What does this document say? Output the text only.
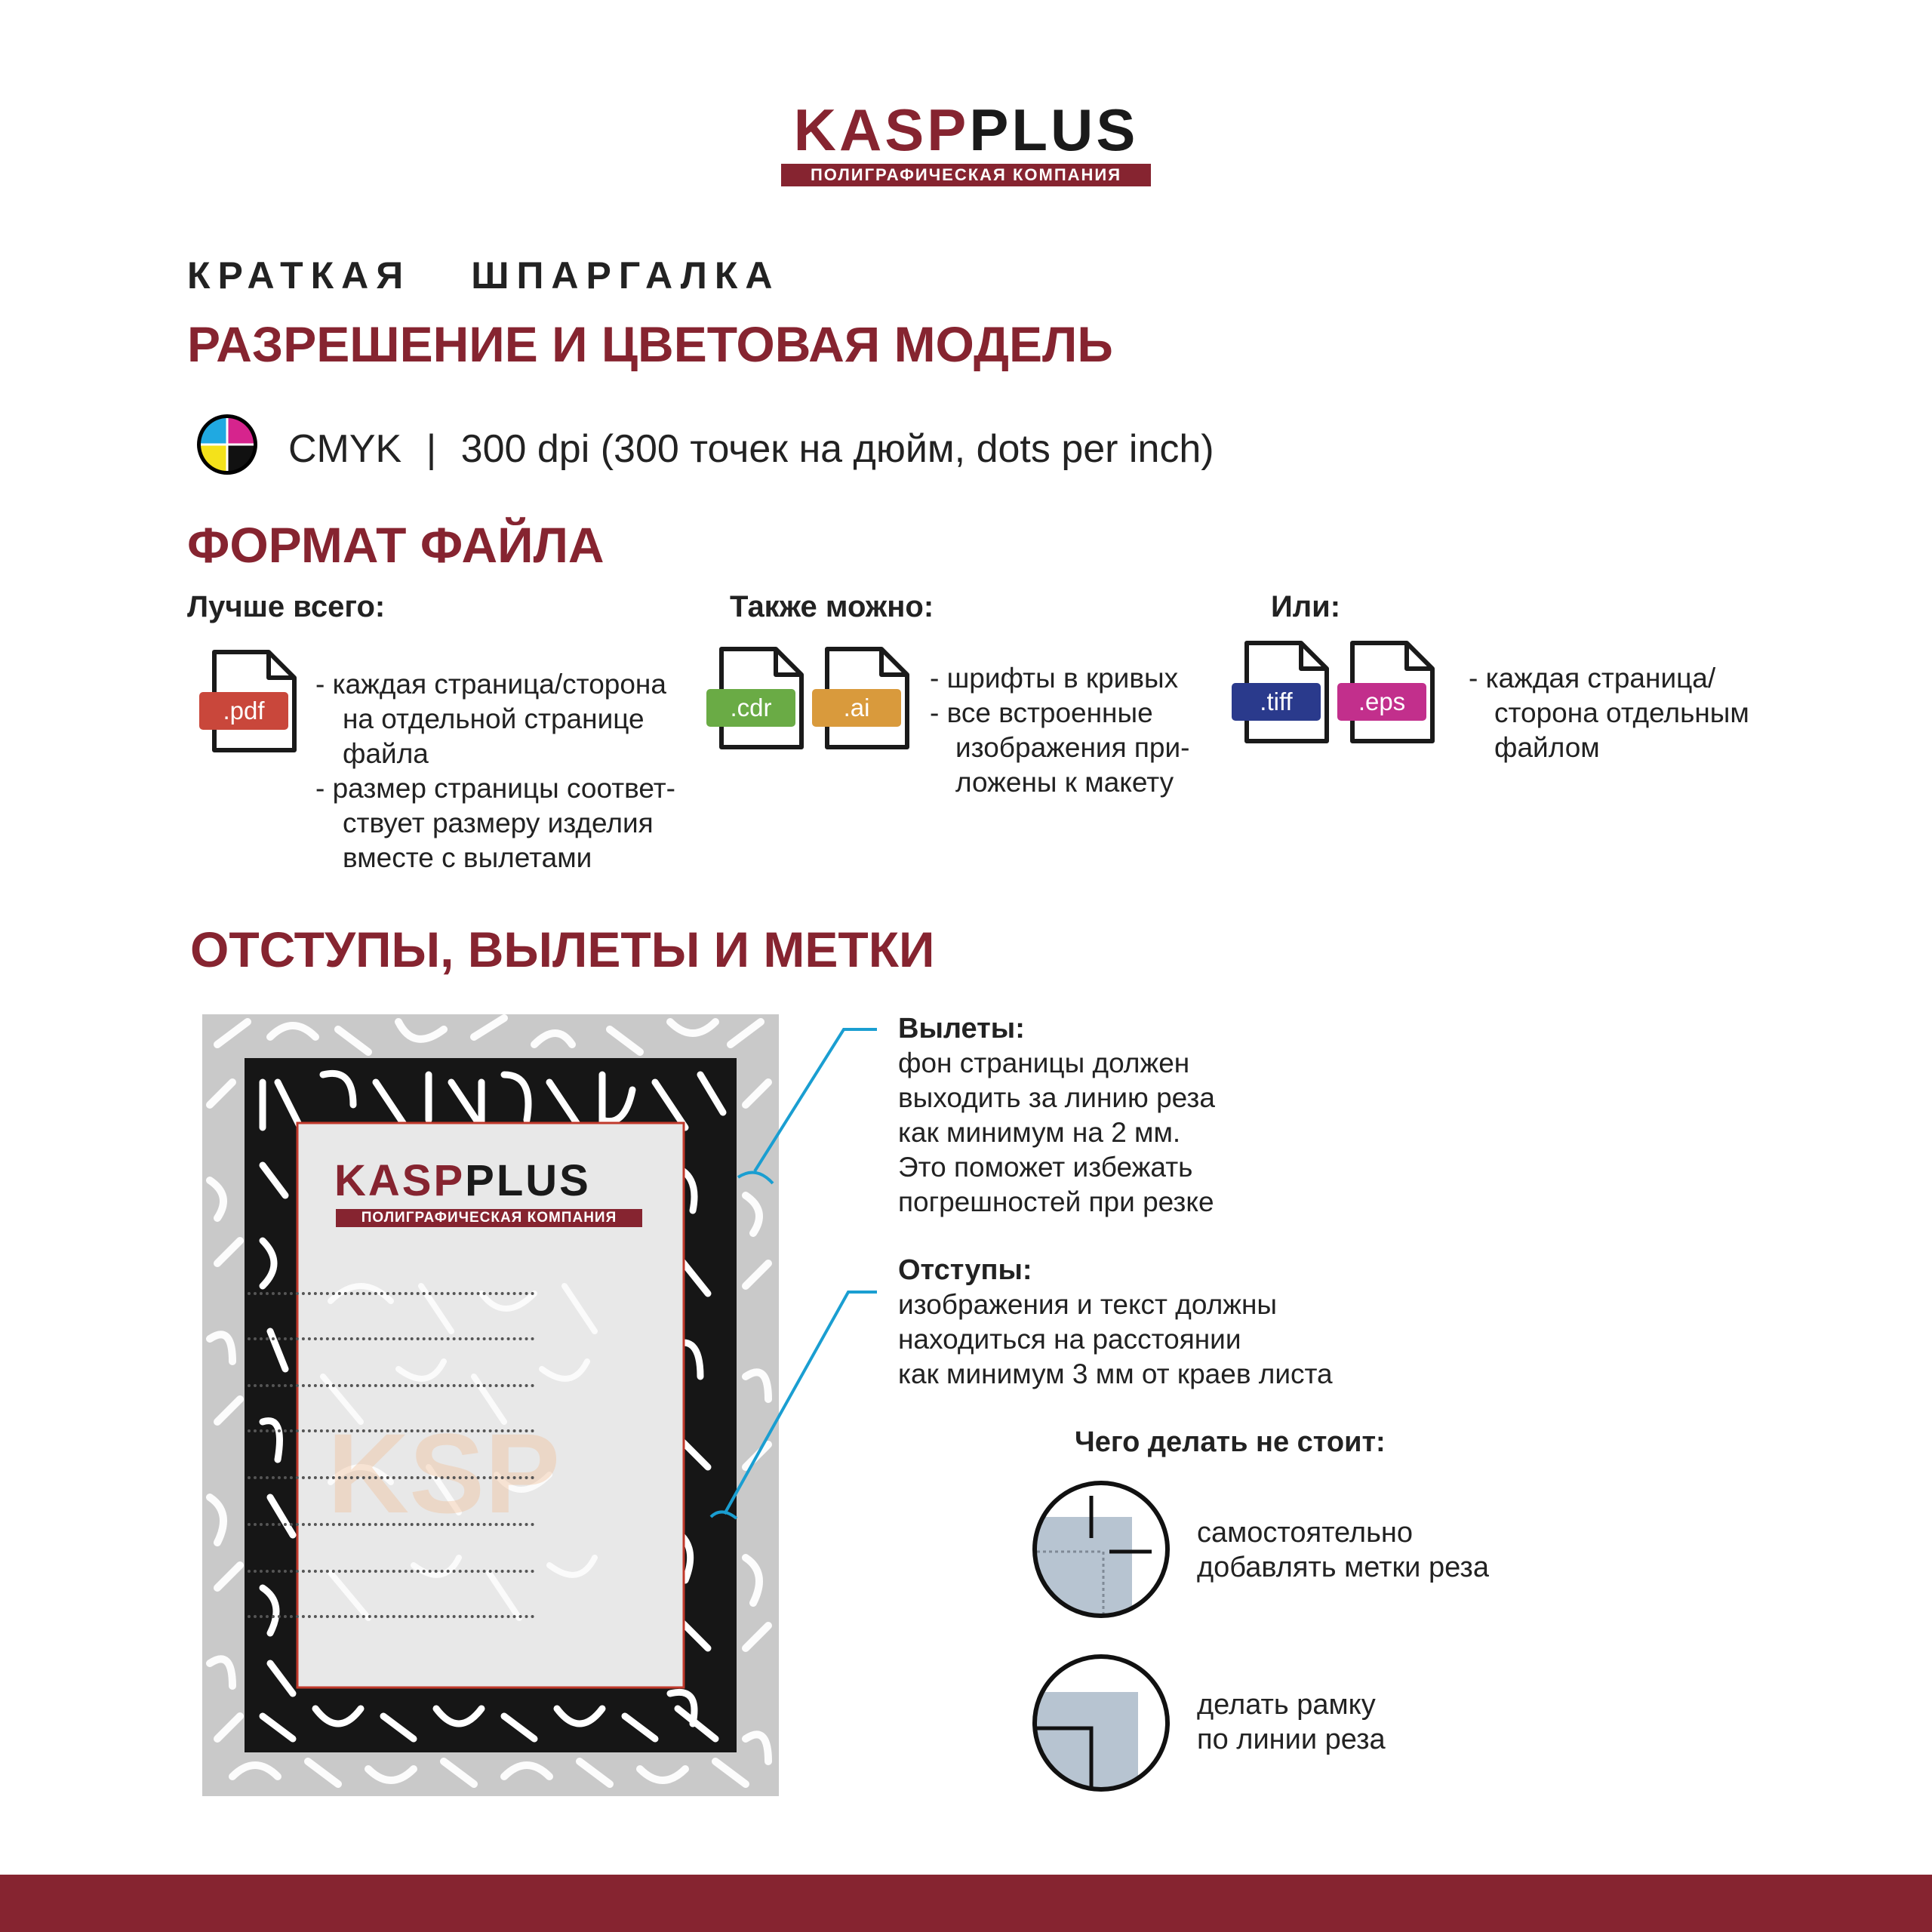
KASPPLUS
ПОЛИГРАФИЧЕСКАЯ КОМПАНИЯ
КРАТКАЯ ШПАРГАЛКА
РАЗРЕШЕНИЕ И ЦВЕТОВАЯ МОДЕЛЬ
CMYK | 300 dpi (300 точек на дюйм, dots per inch)
ФОРМАТ ФАЙЛА
Лучше всего:	Также можно:	Или:
.pdf
- каждая страница/сторона
на отдельной странице
файла
- размер страницы соответ-
ствует размеру изделия
вместе с вылетами
.cdr	.ai
- шрифты в кривых
- все встроенные
изображения при-
ложены к макету
.tiff	.eps
- каждая страница/
сторона отдельным
файлом
ОТСТУПЫ, ВЫЛЕТЫ И МЕТКИ
KSP
KASPPLUS
ПОЛИГРАФИЧЕСКАЯ КОМПАНИЯ
Вылеты:
фон страницы должен
выходить за линию реза
как минимум на 2 мм.
Это поможет избежать
погрешностей при резке
Отступы:
изображения и текст должны
находиться на расстоянии
как минимум 3 мм от краев листа
Чего делать не стоит:
самостоятельно
добавлять метки реза
делать рамку
по линии реза
